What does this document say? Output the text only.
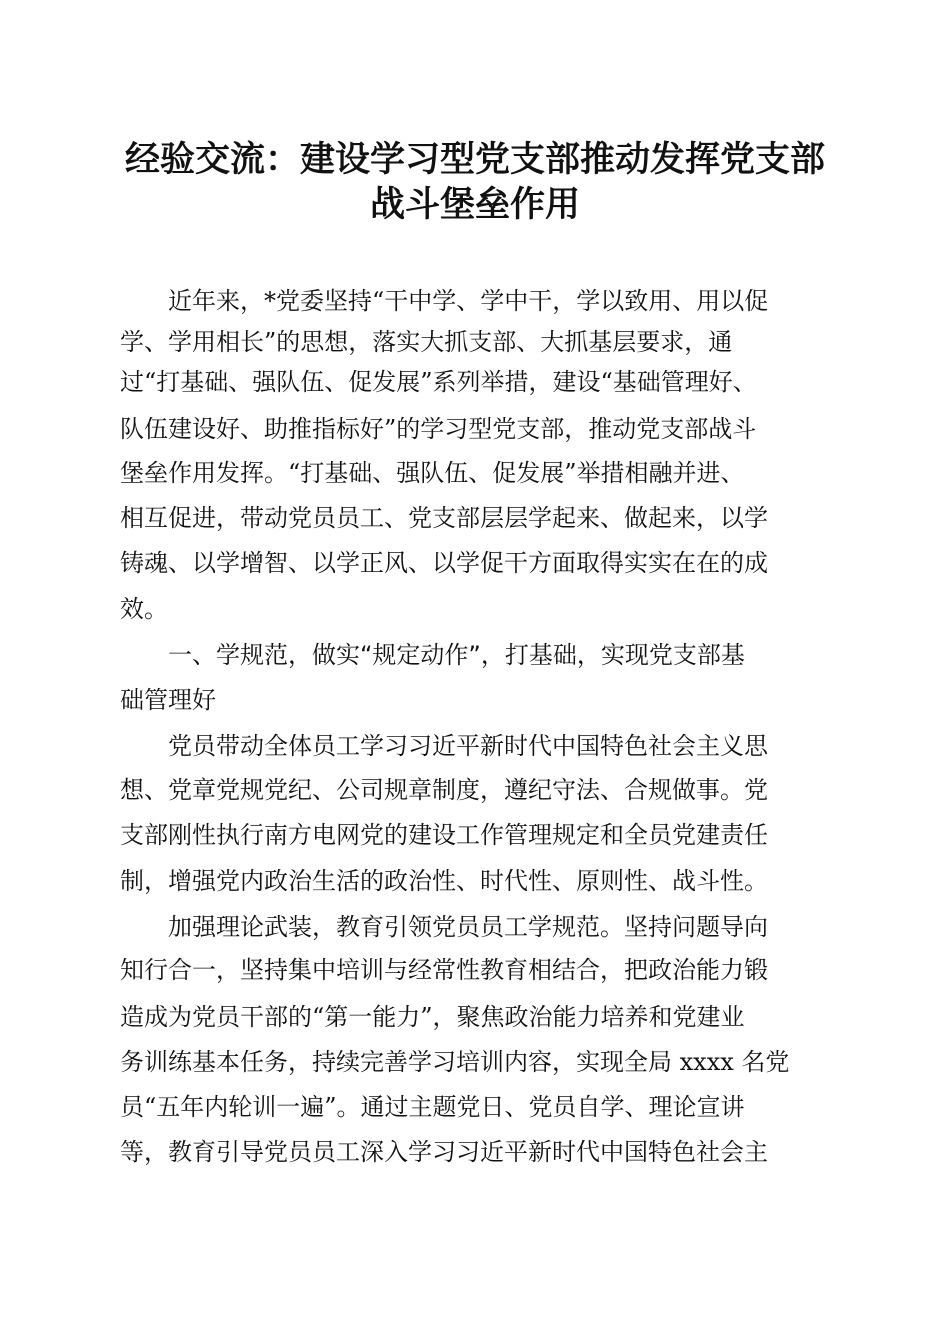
经验交流：建设学习型党支部推动发挥党支部
战斗堡垒作用
近年来，*党委坚持“干中学、学中干，学以致用、用以促
学、学用相长”的思想，落实大抓支部、大抓基层要求，通
过“打基础、强队伍、促发展”系列举措，建设“基础管理好、
队伍建设好、助推指标好”的学习型党支部，推动党支部战斗
堡垒作用发挥。“打基础、强队伍、促发展”举措相融并进、
相互促进，带动党员员工、党支部层层学起来、做起来，以学
铸魂、以学增智、以学正风、以学促干方面取得实实在在的成
效。
一、学规范，做实“规定动作”，打基础，实现党支部基
础管理好
党员带动全体员工学习习近平新时代中国特色社会主义思
想、党章党规党纪、公司规章制度，遵纪守法、合规做事。党
支部刚性执行南方电网党的建设工作管理规定和全员党建责任
制，增强党内政治生活的政治性、时代性、原则性、战斗性。
加强理论武装，教育引领党员员工学规范。坚持问题导向
知行合一，坚持集中培训与经常性教育相结合，把政治能力锻
造成为党员干部的“第一能力”，聚焦政治能力培养和党建业
务训练基本任务，持续完善学习培训内容，实现全局 xxxx 名党
员“五年内轮训一遍”。通过主题党日、党员自学、理论宣讲
等，教育引导党员员工深入学习习近平新时代中国特色社会主
